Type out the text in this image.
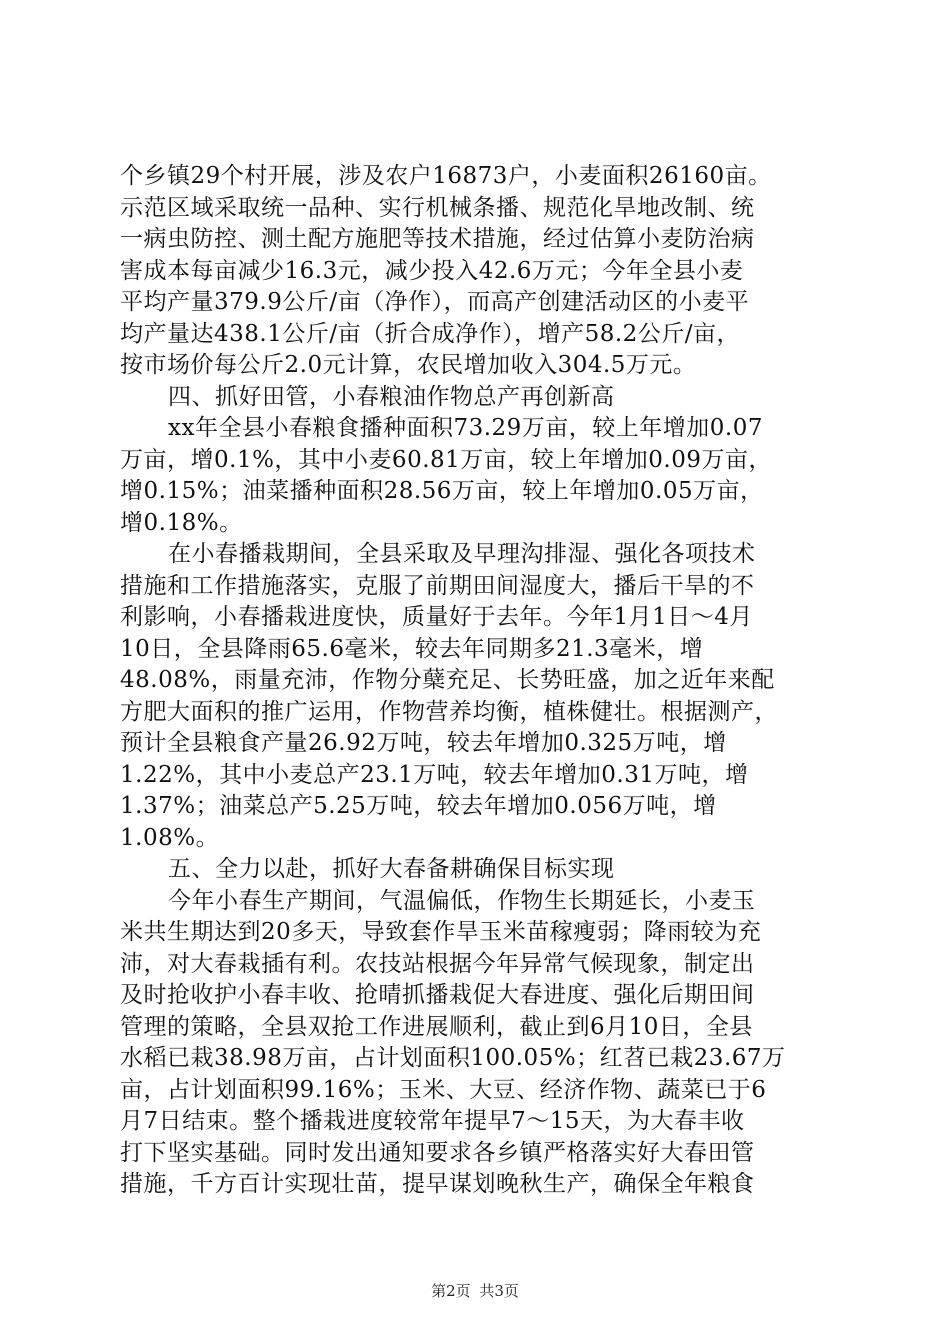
个乡镇29个村开展，涉及农户16873户，小麦面积26160亩。
示范区域采取统一品种、实行机械条播、规范化旱地改制、统
一病虫防控、测土配方施肥等技术措施，经过估算小麦防治病
害成本每亩减少16.3元，减少投入42.6万元；今年全县小麦
平均产量379.9公斤/亩（净作），而高产创建活动区的小麦平
均产量达438.1公斤/亩（折合成净作），增产58.2公斤/亩，
按市场价每公斤2.0元计算，农民增加收入304.5万元。
四、抓好田管，小春粮油作物总产再创新高
xx年全县小春粮食播种面积73.29万亩，较上年增加0.07
万亩，增0.1%，其中小麦60.81万亩，较上年增加0.09万亩，
增0.15%；油菜播种面积28.56万亩，较上年增加0.05万亩，
增0.18%。
在小春播栽期间，全县采取及早理沟排湿、强化各项技术
措施和工作措施落实，克服了前期田间湿度大，播后干旱的不
利影响，小春播栽进度快，质量好于去年。今年1月1日～4月
10日，全县降雨65.6毫米，较去年同期多21.3毫米，增
48.08%，雨量充沛，作物分蘖充足、长势旺盛，加之近年来配
方肥大面积的推广运用，作物营养均衡，植株健壮。根据测产，
预计全县粮食产量26.92万吨，较去年增加0.325万吨，增
1.22%，其中小麦总产23.1万吨，较去年增加0.31万吨，增
1.37%；油菜总产5.25万吨，较去年增加0.056万吨，增
1.08%。
五、全力以赴，抓好大春备耕确保目标实现
今年小春生产期间，气温偏低，作物生长期延长，小麦玉
米共生期达到20多天，导致套作旱玉米苗稼瘦弱；降雨较为充
沛，对大春栽插有利。农技站根据今年异常气候现象，制定出
及时抢收护小春丰收、抢晴抓播栽促大春进度、强化后期田间
管理的策略，全县双抢工作进展顺利，截止到6月10日，全县
水稻已栽38.98万亩，占计划面积100.05%；红苕已栽23.67万
亩，占计划面积99.16%；玉米、大豆、经济作物、蔬菜已于6
月7日结束。整个播栽进度较常年提早7～15天，为大春丰收
打下坚实基础。同时发出通知要求各乡镇严格落实好大春田管
措施，千方百计实现壮苗，提早谋划晚秋生产，确保全年粮食
第2页 共3页
